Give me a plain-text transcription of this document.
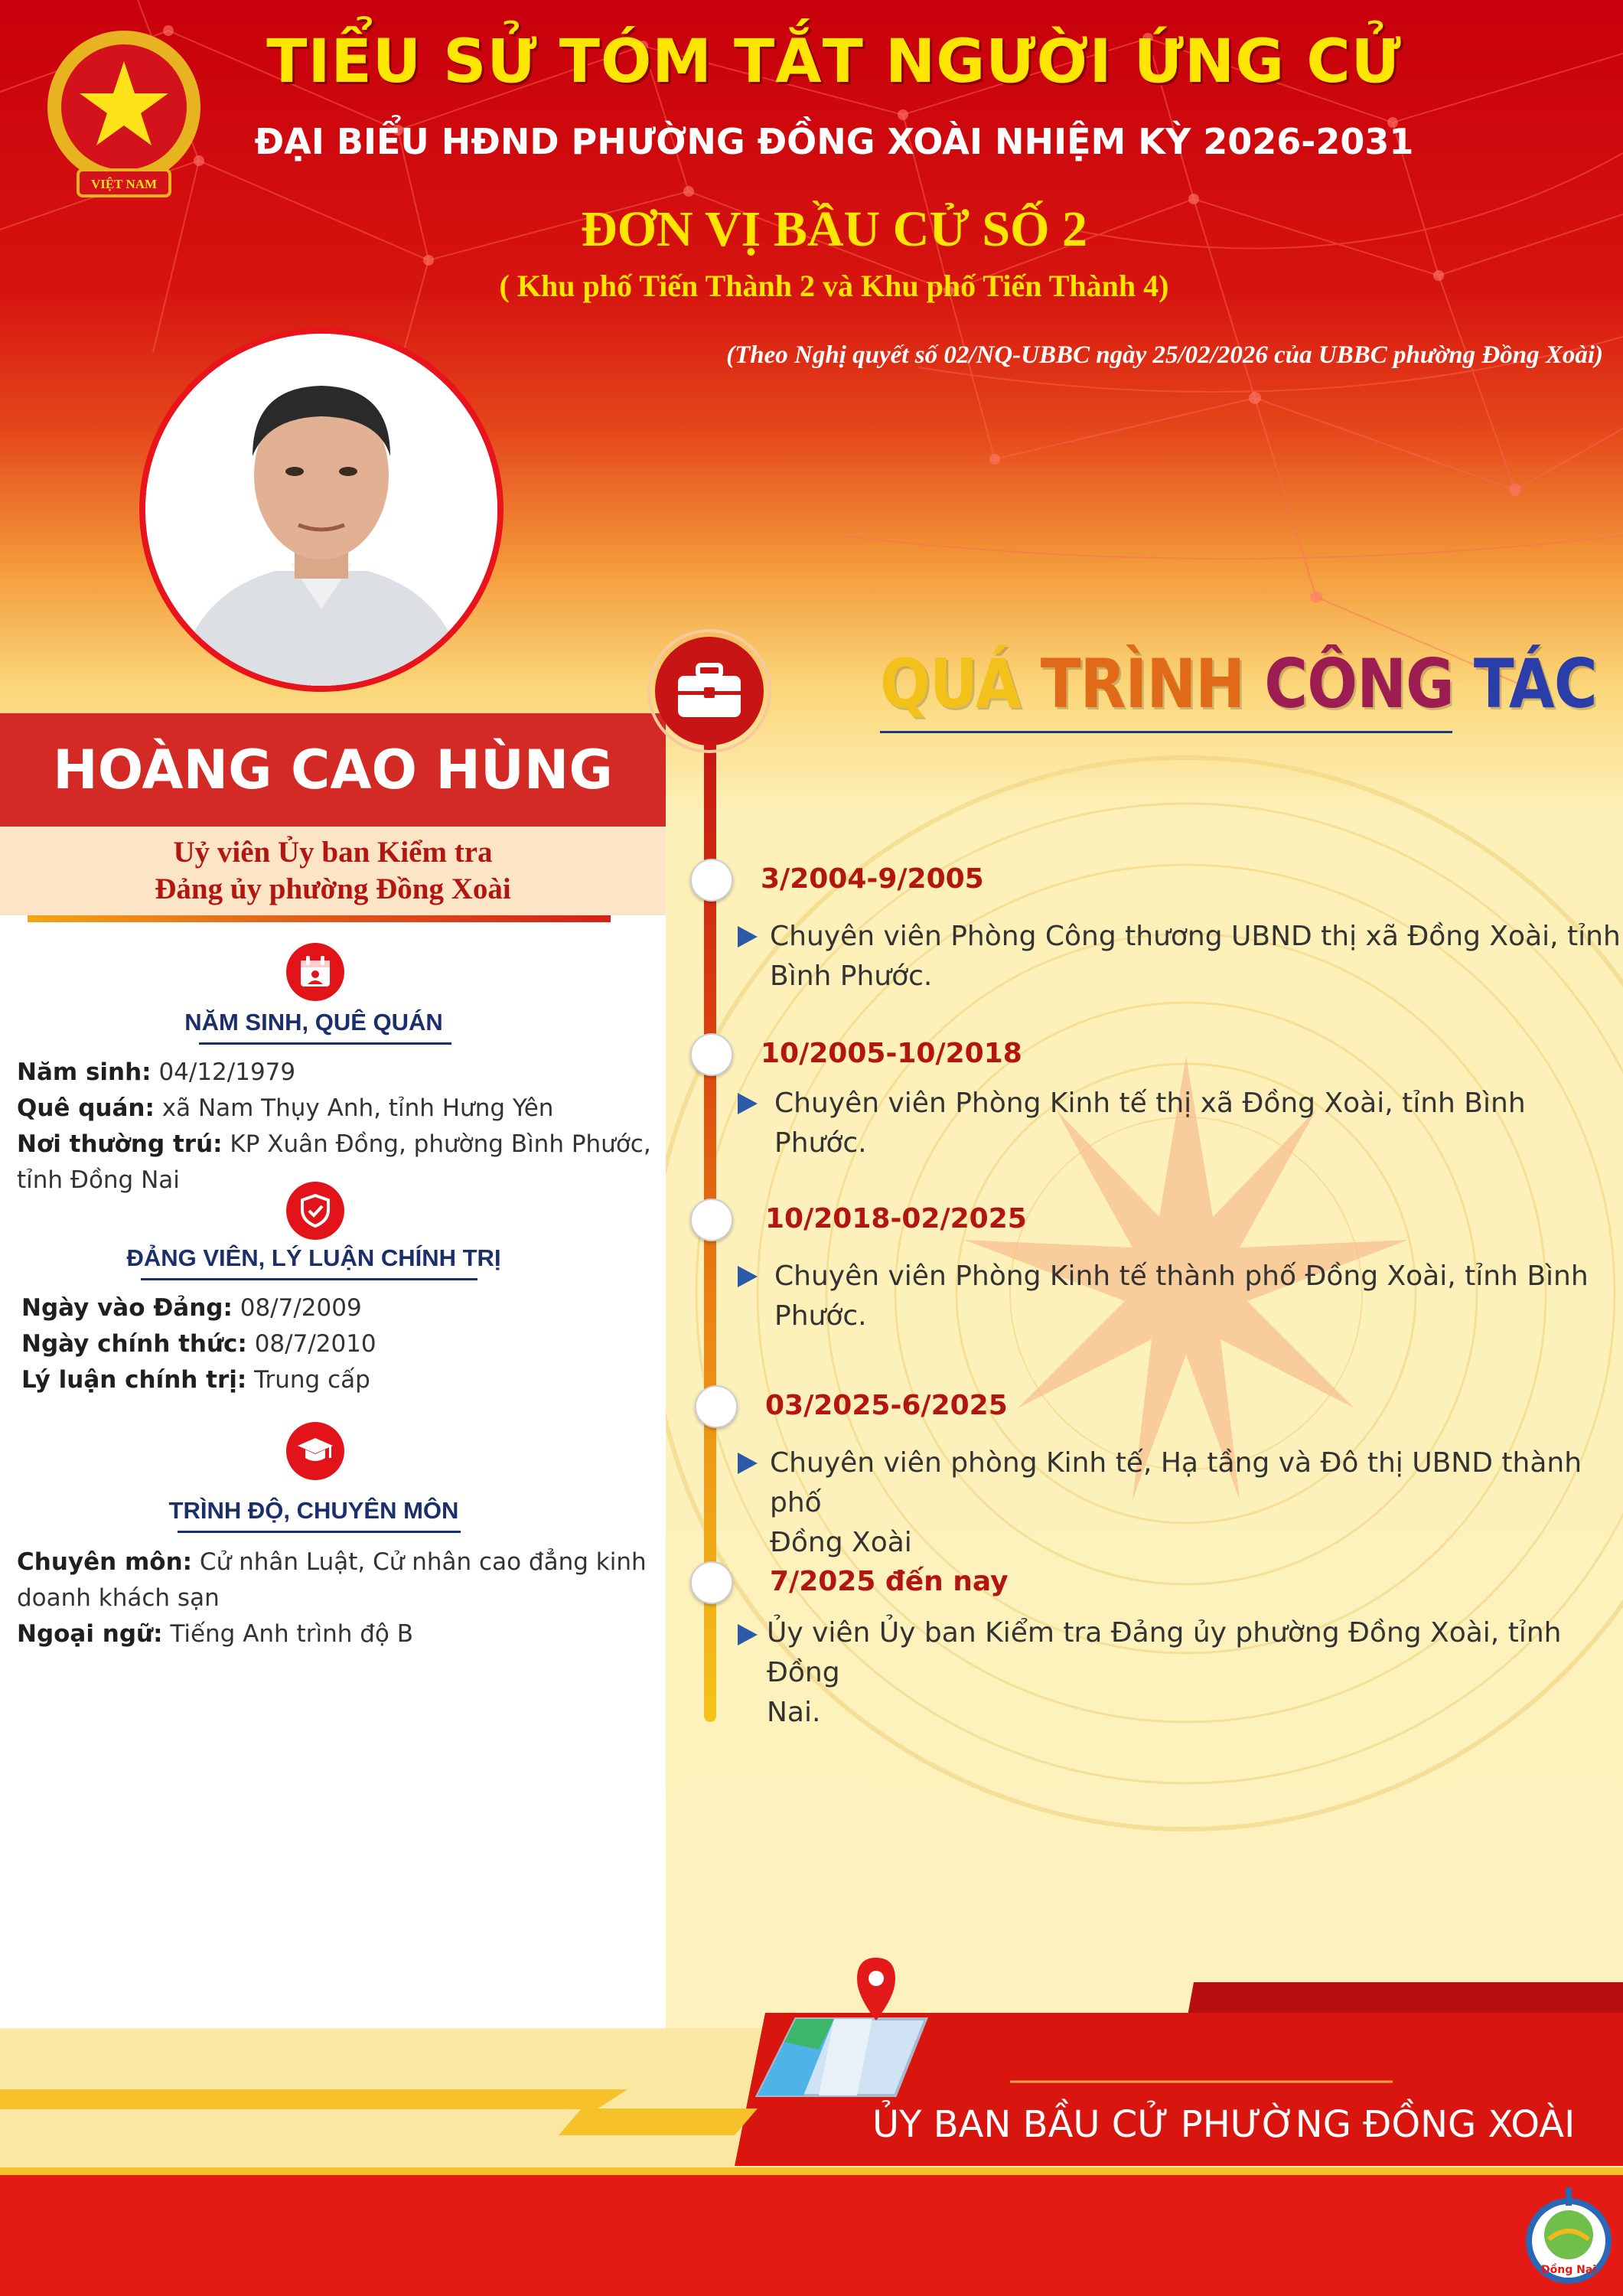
VIỆT NAM
TIỂU SỬ TÓM TẮT NGƯỜI ỨNG CỬ
ĐẠI BIỂU HĐND PHƯỜNG ĐỒNG XOÀI NHIỆM KỲ 2026-2031
ĐƠN VỊ BẦU CỬ SỐ 2
( Khu phố Tiến Thành 2 và Khu phố Tiến Thành 4)
(Theo Nghị quyết số 02/NQ-UBBC ngày 25/02/2026 của UBBC phường Đồng Xoài)
NĂM SINH, QUÊ QUÁN
Năm sinh: 04/12/1979
Quê quán: xã Nam Thụy Anh, tỉnh Hưng Yên
Nơi thường trú: KP Xuân Đồng, phường Bình Phước,
tỉnh Đồng Nai
ĐẢNG VIÊN, LÝ LUẬN CHÍNH TRỊ
Ngày vào Đảng: 08/7/2009
Ngày chính thức: 08/7/2010
Lý luận chính trị: Trung cấp
TRÌNH ĐỘ, CHUYÊN MÔN
Chuyên môn: Cử nhân Luật, Cử nhân cao đẳng kinh
doanh khách sạn
Ngoại ngữ: Tiếng Anh trình độ B
HOÀNG CAO HÙNG
Uỷ viên Ủy ban Kiểm tra
Đảng ủy phường Đồng Xoài
QUÁ TRÌNH CÔNG TÁC
3/2004-9/2005
Chuyên viên Phòng Công thương UBND thị xã Đồng Xoài, tỉnh
Bình Phước.
10/2005-10/2018
Chuyên viên Phòng Kinh tế thị xã Đồng Xoài, tỉnh Bình Phước.
10/2018-02/2025
Chuyên viên Phòng Kinh tế thành phố Đồng Xoài, tỉnh Bình Phước.
03/2025-6/2025
Chuyên viên phòng Kinh tế, Hạ tầng và Đô thị UBND thành phố
Đồng Xoài
7/2025 đến nay
Ủy viên Ủy ban Kiểm tra Đảng ủy phường Đồng Xoài, tỉnh Đồng
Nai.
ỦY BAN BẦU CỬ PHƯỜNG ĐỒNG XOÀI
Đồng Nai
